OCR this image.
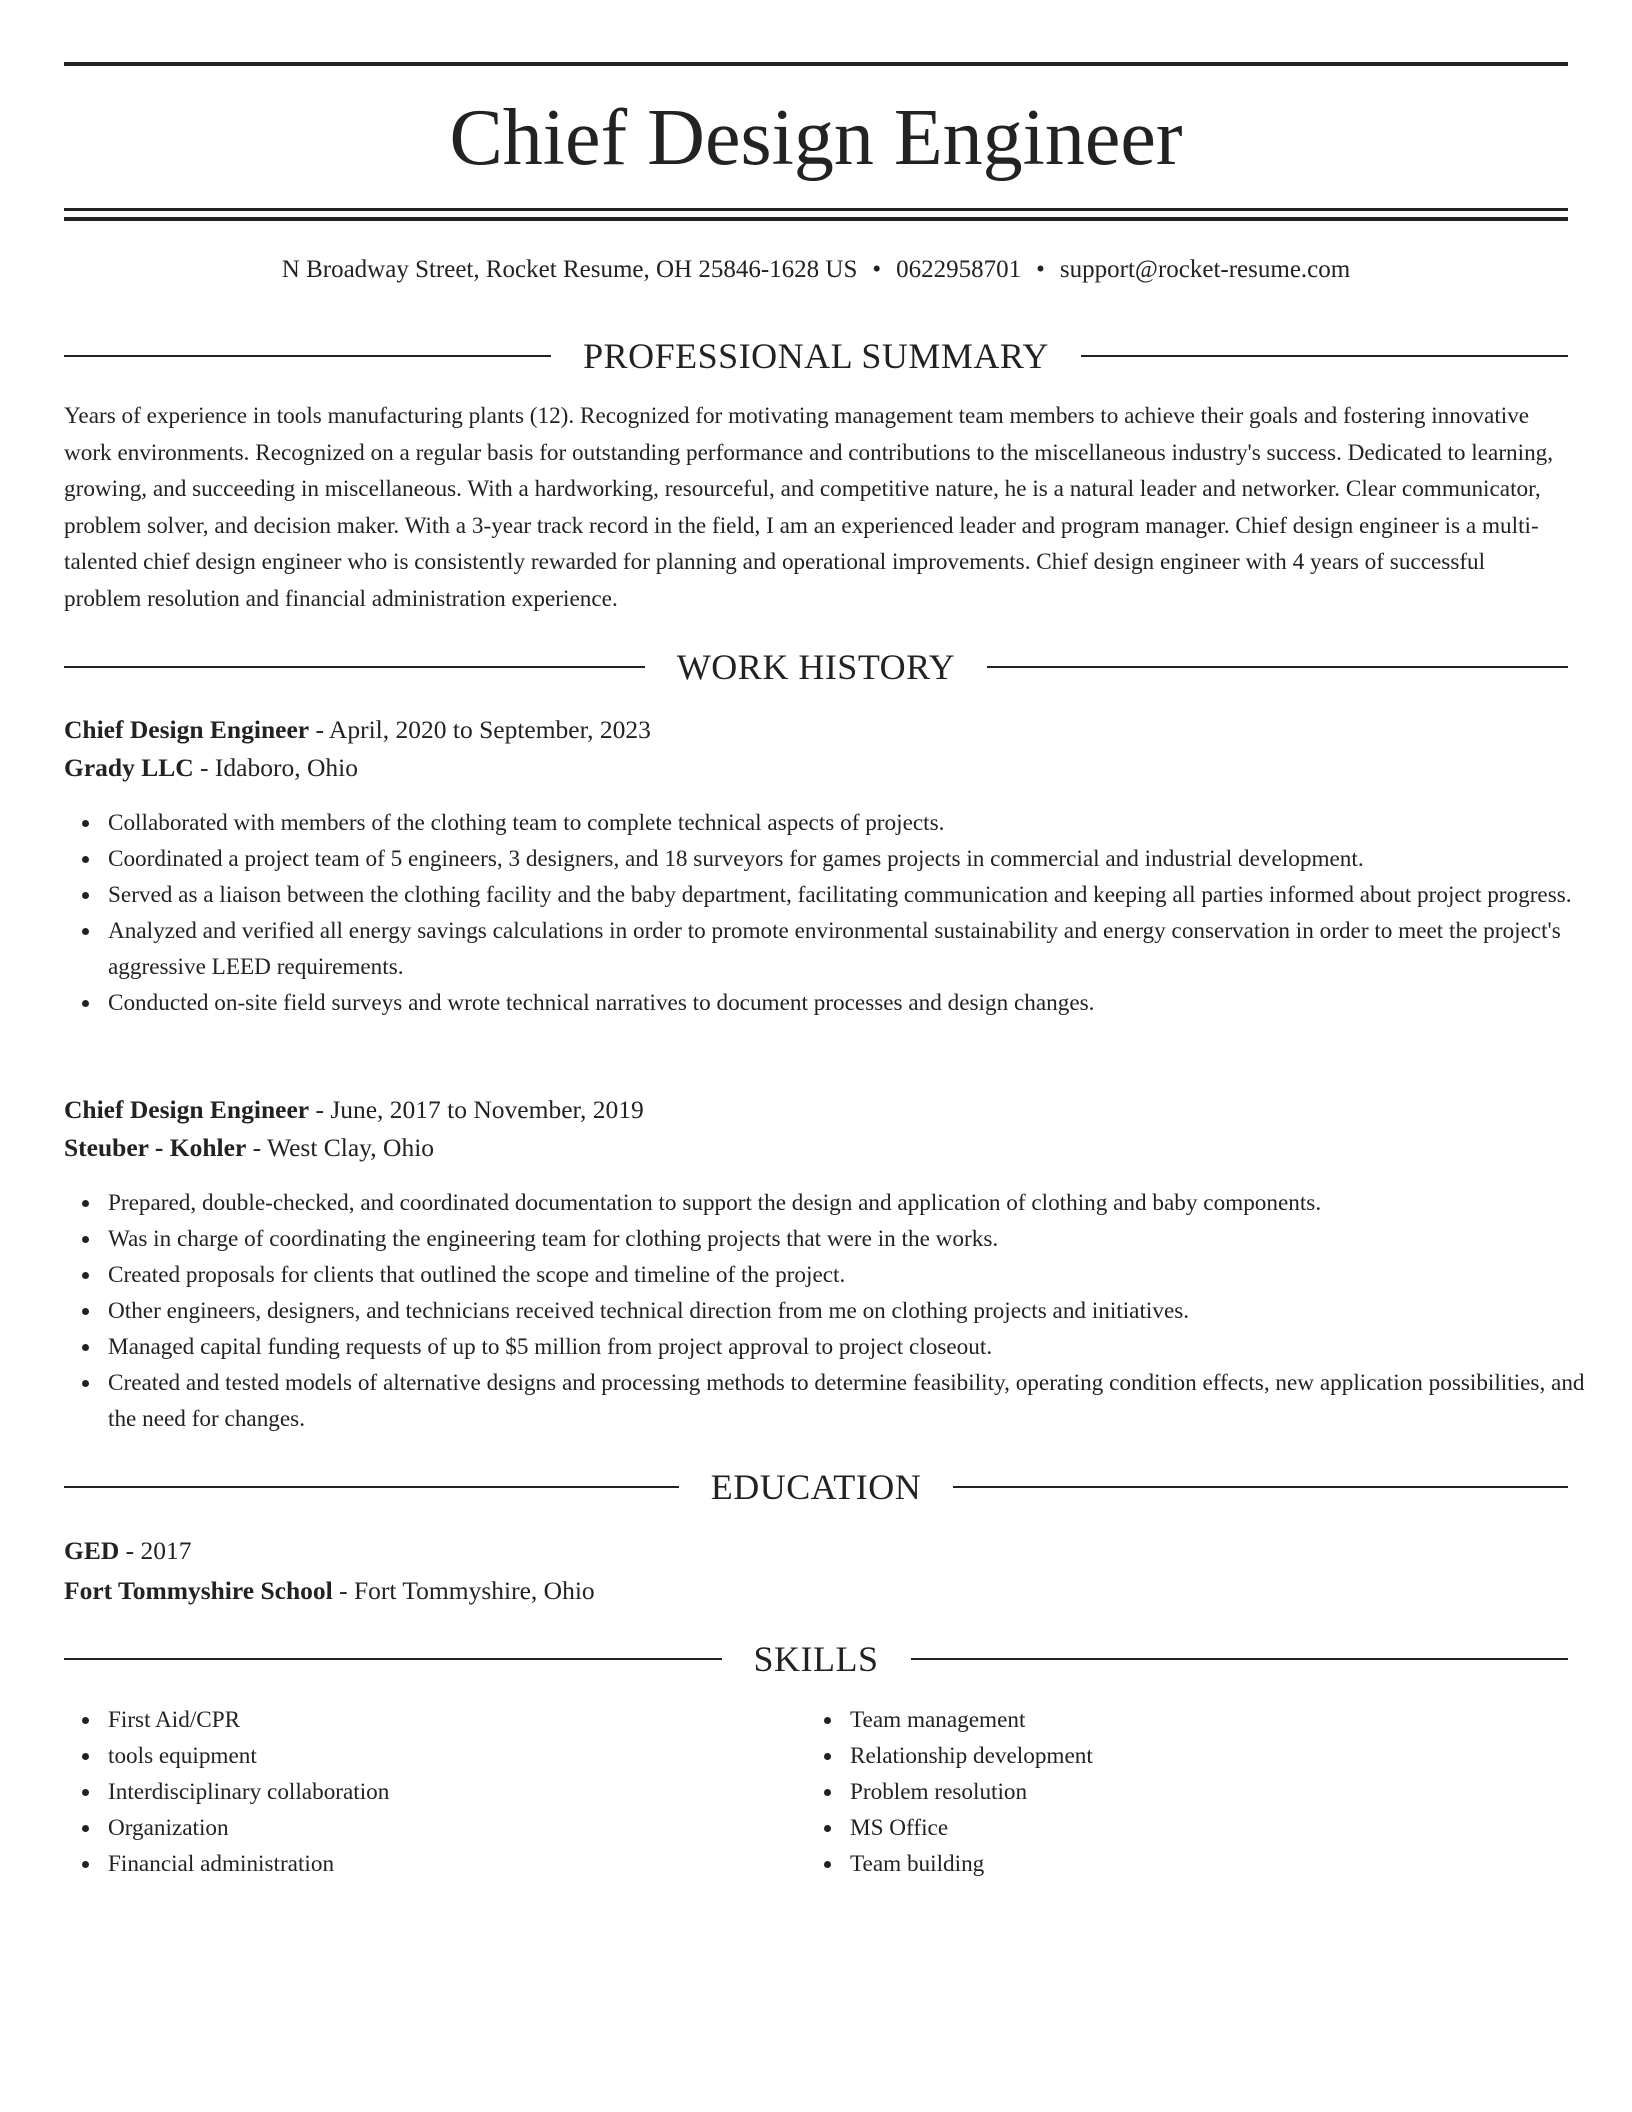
Chief Design Engineer
N Broadway Street, Rocket Resume, OH 25846-1628 US • 0622958701 • support@rocket-resume.com
PROFESSIONAL SUMMARY

Years of experience in tools manufacturing plants (12). Recognized for motivating management team members to achieve their goals and fostering innovative work environments. Recognized on a regular basis for outstanding performance and contributions to the miscellaneous industry's success. Dedicated to learning, growing, and succeeding in miscellaneous. With a hardworking, resourceful, and competitive nature, he is a natural leader and networker. Clear communicator, problem solver, and decision maker. With a 3-year track record in the field, I am an experienced leader and program manager. Chief design engineer is a multi-talented chief design engineer who is consistently rewarded for planning and operational improvements. Chief design engineer with 4 years of successful problem resolution and financial administration experience.

WORK HISTORY
Chief Design Engineer - April, 2020 to September, 2023
Grady LLC - Idaboro, Ohio
Collaborated with members of the clothing team to complete technical aspects of projects.
Coordinated a project team of 5 engineers, 3 designers, and 18 surveyors for games projects in commercial and industrial development.
Served as a liaison between the clothing facility and the baby department, facilitating communication and keeping all parties informed about project progress.
Analyzed and verified all energy savings calculations in order to promote environmental sustainability and energy conservation in order to meet the project's aggressive LEED requirements.
Conducted on-site field surveys and wrote technical narratives to document processes and design changes.
Chief Design Engineer - June, 2017 to November, 2019
Steuber - Kohler - West Clay, Ohio
Prepared, double-checked, and coordinated documentation to support the design and application of clothing and baby components.
Was in charge of coordinating the engineering team for clothing projects that were in the works.
Created proposals for clients that outlined the scope and timeline of the project.
Other engineers, designers, and technicians received technical direction from me on clothing projects and initiatives.
Managed capital funding requests of up to $5 million from project approval to project closeout.
Created and tested models of alternative designs and processing methods to determine feasibility, operating condition effects, new application possibilities, and the need for changes.
EDUCATION
GED - 2017
Fort Tommyshire School - Fort Tommyshire, Ohio
SKILLS
First Aid/CPR
tools equipment
Interdisciplinary collaboration
Organization
Financial administration
Team management
Relationship development
Problem resolution
MS Office
Team building
